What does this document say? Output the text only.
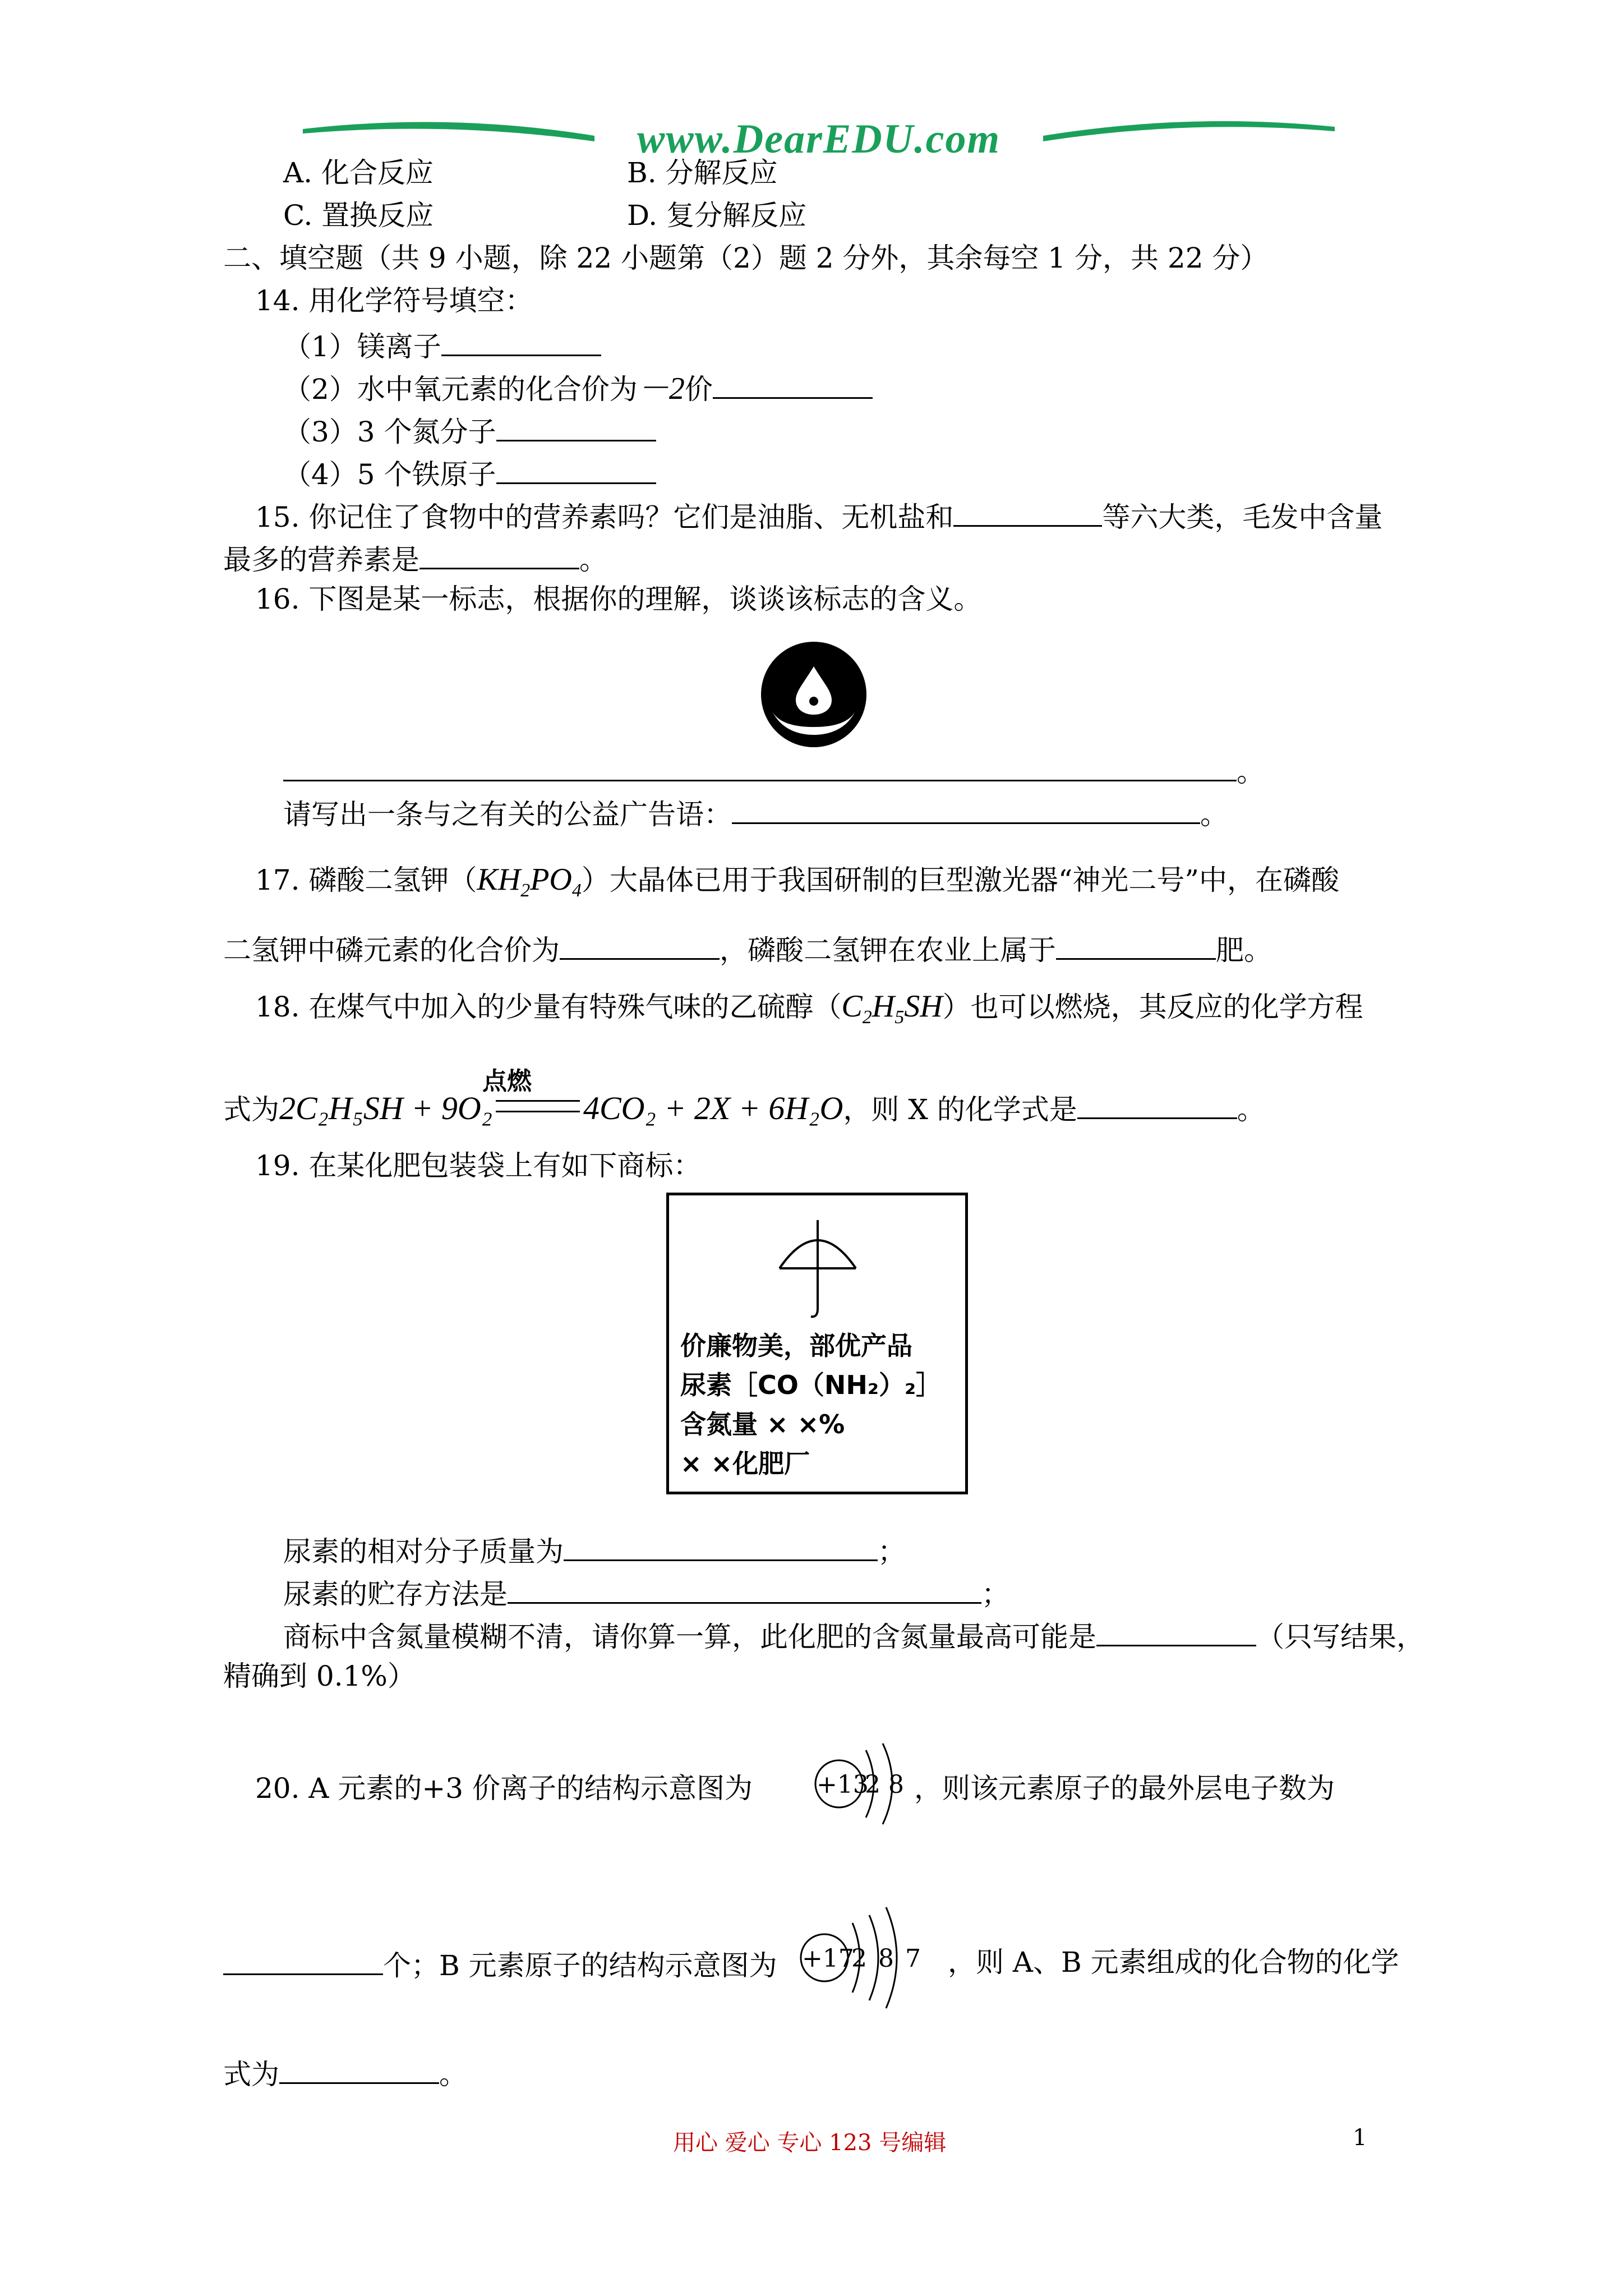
www.DearEDU.com
A. 化合反应	B. 分解反应
C. 置换反应	D. 复分解反应
二、填空题（共 9 小题，除 22 小题第（2）题 2 分外，其余每空 1 分，共 22 分）
14. 用化学符号填空：
（1）镁离子
（2）水中氧元素的化合价为－2价
（3）3 个氮分子
（4）5 个铁原子
15. 你记住了食物中的营养素吗？它们是油脂、无机盐和	等六大类，毛发中含量
最多的营养素是	。
16. 下图是某一标志，根据你的理解，谈谈该标志的含义。
。
请写出一条与之有关的公益广告语：	。
17. 磷酸二氢钾$(KH_2PO_4)$大晶体已用于我国研制的巨型激光器“神光二号”中，在磷酸
二氢钾中磷元素的化合价为	，磷酸二氢钾在农业上属于	肥。
18. 在煤气中加入的少量有特殊气味的乙硫醇$(C_2H_5SH)$也可以燃烧，其反应的化学方程
点燃
式为2C₂H₅SH + 9O₂	4CO₂ + 2X + 6H₂O，则 X 的化学式是	。
19. 在某化肥包装袋上有如下商标：
价廉物美，部优产品
尿素［CO（NH₂）₂］
含氮量 × ×%
× ×化肥厂
尿素的相对分子质量为	；
尿素的贮存方法是	；
商标中含氮量模糊不清，请你算一算，此化肥的含氮量最高可能是	（只写结果，
精确到 0.1%）
20. A 元素的+3 价离子的结构示意图为	+13
2 8 ，则该元素原子的最外层电子数为
个；B 元素原子的结构示意图为 +17
2 8 7 ，则 A、B 元素组成的化合物的化学
式为	。
用心 爱心 专心 123 号编辑	1
